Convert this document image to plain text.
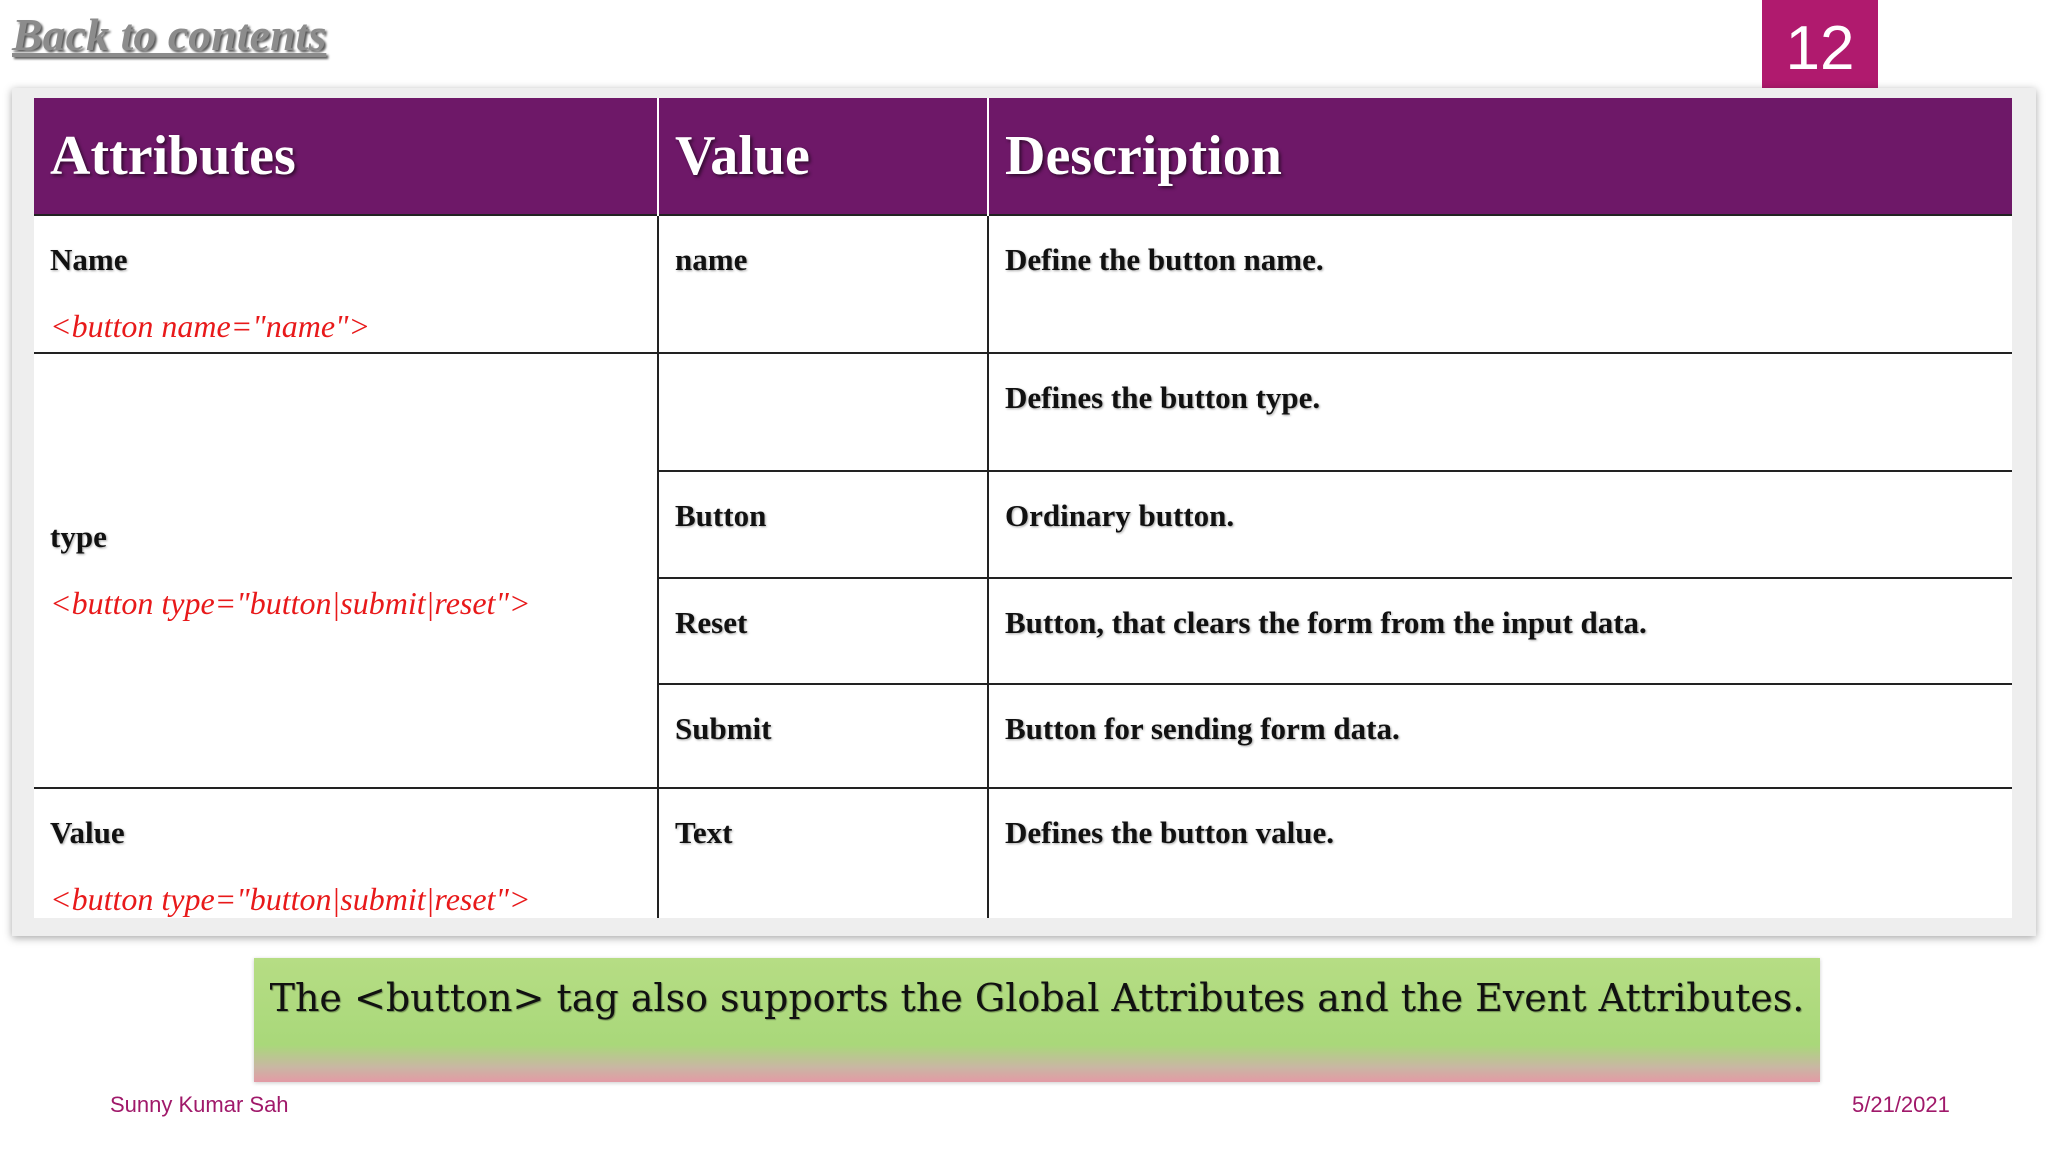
Back to contents	12
Attributes	Value	Description

Name
<button name="name">	name	Define the button name.

type
<button type="button|submit|reset">		Defines the button type.
	Button	Ordinary button.
	Reset	Button, that clears the form from the input data.
	Submit	Button for sending form data.

Value
<button type="button|submit|reset">	Text	Defines the button value.
The <button> tag also supports the Global Attributes and the Event Attributes.
Sunny Kumar Sah	5/21/2021
